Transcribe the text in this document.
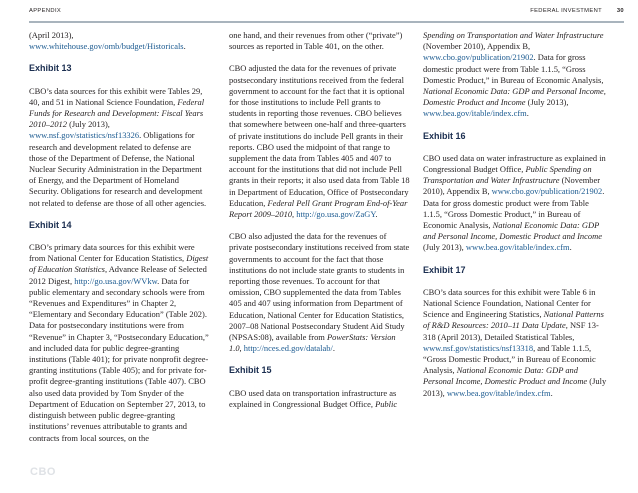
APPENDIX	FEDERAL INVESTMENT	30

(April 2013), www.whitehouse.gov/omb/budget/Historicals.

Exhibit 13

CBO’s data sources for this exhibit were Tables 29, 40, and 51 in National Science Foundation, Federal Funds for Research and Development: Fiscal Years 2010–2012 (July 2013), www.nsf.gov/statistics/nsf13326. Obligations for research and development related to defense are those of the Department of Defense, the National Nuclear Security Administration in the Department of Energy, and the Department of Homeland Security. Obligations for research and development not related to defense are those of all other agencies.

Exhibit 14

CBO’s primary data sources for this exhibit were from National Center for Education Statistics, Digest of Education Statistics, Advance Release of Selected 2012 Digest, http://go.usa.gov/WVkw. Data for public elementary and secondary schools were from “Revenues and Expenditures” in Chapter 2, “Elementary and Secondary Education” (Table 202). Data for postsecondary institutions were from “Revenue” in Chapter 3, “Postsecondary Education,” and included data for public degree-granting institutions (Table 401); for private nonprofit degree-granting institutions (Table 405); and for private for-profit degree-granting institutions (Table 407). CBO also used data provided by Tom Snyder of the Department of Education on September 27, 2013, to distinguish between public degree-granting institutions’ revenues attributable to grants and contracts from local sources, on the

one hand, and their revenues from other (“private”) sources as reported in Table 401, on the other.

CBO adjusted the data for the revenues of private postsecondary institutions received from the federal government to account for the fact that it is optional for those institutions to include Pell grants to students in reporting those revenues. CBO believes that somewhere between one-half and three-quarters of private institutions do include Pell grants in their reports. CBO used the midpoint of that range to supplement the data from Tables 405 and 407 to account for the institutions that did not include Pell grants in their reports; it also used data from Table 18 in Department of Education, Office of Postsecondary Education, Federal Pell Grant Program End-of-Year Report 2009–2010, http://go.usa.gov/ZaGY.

CBO also adjusted the data for the revenues of private postsecondary institutions received from state governments to account for the fact that those institutions do not include state grants to students in reporting those revenues. To account for that omission, CBO supplemented the data from Tables 405 and 407 using information from Department of Education, National Center for Education Statistics, 2007–08 National Postsecondary Student Aid Study (NPSAS:08), available from PowerStats: Version 1.0, http://nces.ed.gov/datalab/.

Exhibit 15

CBO used data on transportation infrastructure as explained in Congressional Budget Office, Public

Spending on Transportation and Water Infrastructure (November 2010), Appendix B, www.cbo.gov/publication/21902. Data for gross domestic product were from Table 1.1.5, “Gross Domestic Product,” in Bureau of Economic Analysis, National Economic Data: GDP and Personal Income, Domestic Product and Income (July 2013), www.bea.gov/itable/index.cfm.

Exhibit 16

CBO used data on water infrastructure as explained in Congressional Budget Office, Public Spending on Transportation and Water Infrastructure (November 2010), Appendix B, www.cbo.gov/publication/21902. Data for gross domestic product were from Table 1.1.5, “Gross Domestic Product,” in Bureau of Economic Analysis, National Economic Data: GDP and Personal Income, Domestic Product and Income (July 2013), www.bea.gov/itable/index.cfm.

Exhibit 17

CBO’s data sources for this exhibit were Table 6 in National Science Foundation, National Center for Science and Engineering Statistics, National Patterns of R&D Resources: 2010–11 Data Update, NSF 13-318 (April 2013), Detailed Statistical Tables, www.nsf.gov/statistics/nsf13318, and Table 1.1.5, “Gross Domestic Product,” in Bureau of Economic Analysis, National Economic Data: GDP and Personal Income, Domestic Product and Income (July 2013), www.bea.gov/itable/index.cfm.

CBO
